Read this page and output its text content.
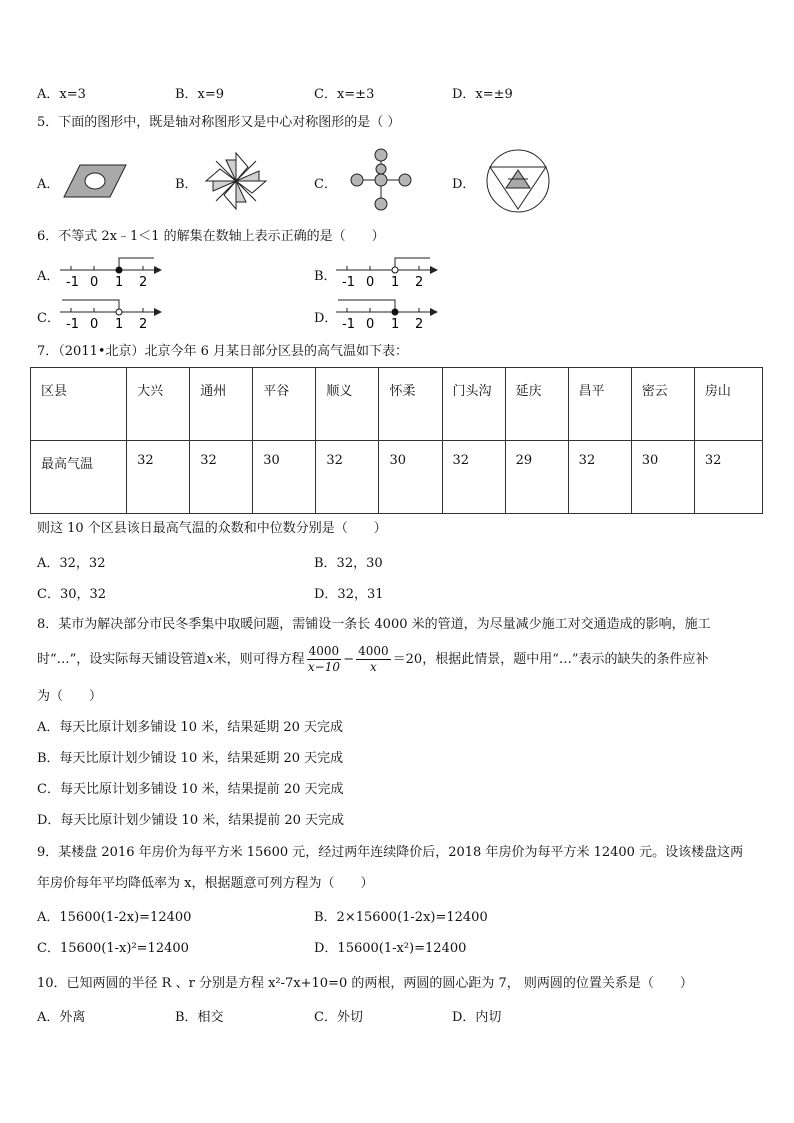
A．x=3	B．x=9	C．x=±3	D．x=±9
5．下面的图形中，既是轴对称图形又是中心对称图形的是（ ）
A．	B．	C．	D．
6．不等式 2x﹣1＜1 的解集在数轴上表示正确的是（　　）
A． -1 0 1 2	B． -1 0 1 2
C． -1 0 1 2	D． -1 0 1 2
7．（2011•北京）北京今年 6 月某日部分区县的高气温如下表：
区县	大兴	通州	平谷	顺义	怀柔	门头沟	延庆	昌平	密云	房山
最高气温	32	32	30	32	30	32	29	32	30	32
则这 10 个区县该日最高气温的众数和中位数分别是（　　）
A．32，32	B．32，30
C．30，32	D．32，31
8．某市为解决部分市民冬季集中取暖问题，需铺设一条长 4000 米的管道，为尽量减少施工对交通造成的影响，施工
时“…”，设实际每天铺设管道x米，则可得方程 $\frac{4000}{x-10} - \frac{4000}{x} =20$，根据此情景，题中用“…”表示的缺失的条件应补
为（　　）
A．每天比原计划多铺设 10 米，结果延期 20 天完成
B．每天比原计划少铺设 10 米，结果延期 20 天完成
C．每天比原计划多铺设 10 米，结果提前 20 天完成
D．每天比原计划少铺设 10 米，结果提前 20 天完成
9．某楼盘 2016 年房价为每平方米 15600 元，经过两年连续降价后，2018 年房价为每平方米 12400 元。设该楼盘这两
年房价每年平均降低率为 x，根据题意可列方程为（　　）
A．15600(1-2x)=12400	B．2×15600(1-2x)=12400
C．15600(1-x)²=12400	D．15600(1-x²)=12400
10．已知两圆的半径 R 、r 分别是方程 x²-7x+10=0 的两根，两圆的圆心距为 7， 则两圆的位置关系是（　　）
A．外离	B．相交	C．外切	D．内切
